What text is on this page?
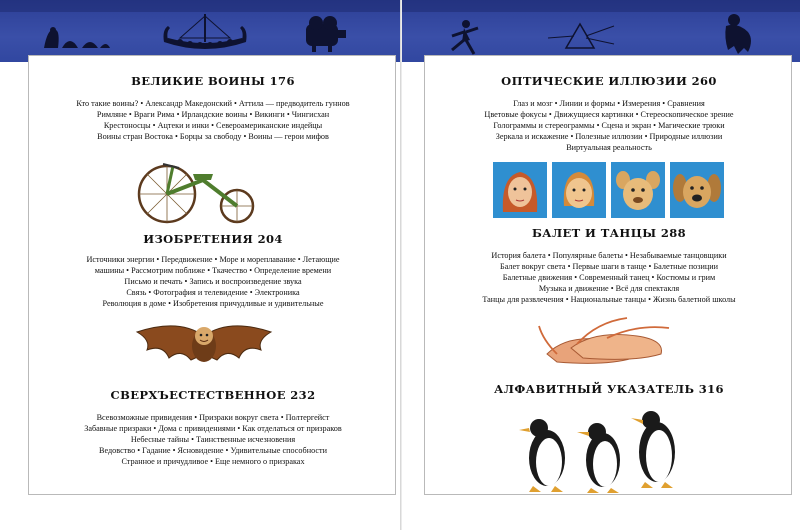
ВЕЛИКИЕ ВОИНЫ 176
Кто такие воины? • Александр Македонский • Аттила — предводитель гуннов
Римляне • Враги Рима • Ирландские воины • Викинги • Чингисхан
Крестоносцы • Ацтеки и инки • Североамериканские индейцы
Воины стран Востока • Борцы за свободу • Воины — герои мифов
ИЗОБРЕТЕНИЯ 204
Источники энергии • Передвижение • Море и мореплавание • Летающие
машины • Рассмотрим поближе • Ткачество • Определение времени
Письмо и печать • Запись и воспроизведение звука
Связь • Фотография и телевидение • Электроника
Революция в доме • Изобретения причудливые и удивительные
СВЕРХЪЕСТЕСТВЕННОЕ 232
Всевозможные привидения • Призраки вокруг света • Полтергейст
Забавные призраки • Дома с привидениями • Как отделаться от призраков
Небесные тайны • Таинственные исчезновения
Ведовство • Гадание • Ясновидение • Удивительные способности
Странное и причудливое • Еще немного о призраках
ОПТИЧЕСКИЕ ИЛЛЮЗИИ 260
Глаз и мозг • Линии и формы • Измерения • Сравнения
Цветовые фокусы • Движущиеся картинки • Стереоскопическое зрение
Голограммы и стереограммы • Сцена и экран • Магические трюки
Зеркала и искажение • Полезные иллюзии • Природные иллюзии
Виртуальная реальность
БАЛЕТ И ТАНЦЫ 288
История балета • Популярные балеты • Незабываемые танцовщики
Балет вокруг света • Первые шаги в танце • Балетные позиции
Балетные движения • Современный танец • Костюмы и грим
Музыка и движение • Всё для спектакля
Танцы для развлечения • Национальные танцы • Жизнь балетной школы
АЛФАВИТНЫЙ УКАЗАТЕЛЬ 316
